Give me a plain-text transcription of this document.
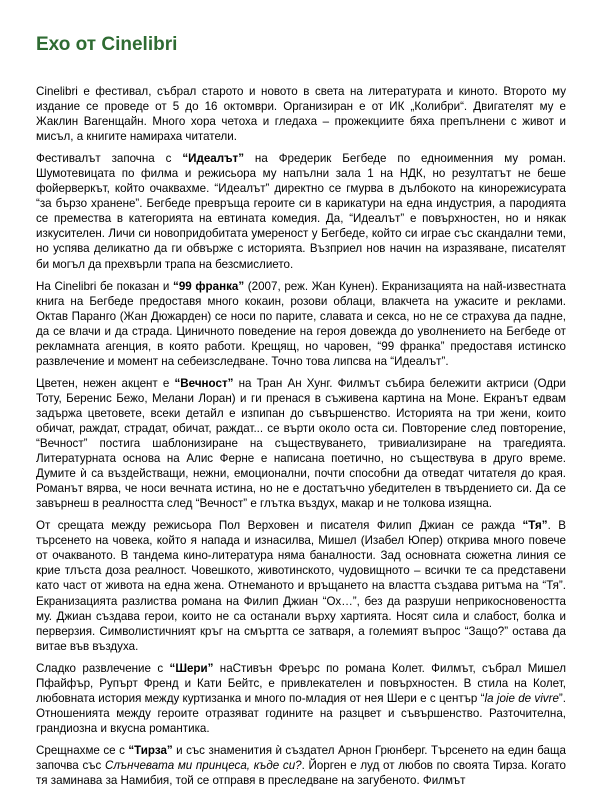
Ехо от Cinelibri

Cinelibri е фестивал, събрал старото и новото в света на литературата и киното. Второто му издание се проведе от 5 до 16 октомври. Организиран е от ИК „Колибри“. Двигателят му е Жаклин Вагенщайн. Много хора четоха и гледаха – прожекциите бяха препълнени с живот и мисъл, а книгите намираха читатели.

Фестивалът започна с “Идеалът” на Фредерик Бегбеде по едноименния му роман. Шумотевицата по филма и режисьора му напълни зала 1 на НДК, но резултатът не беше фойерверкът, който очаквахме. “Идеалът” директно се гмурва в дълбокото на кинорежисурата “за бързо хранене”. Бегбеде превръща героите си в карикатури на една индустрия, а пародията се премества в категорията на евтината комедия. Да, “Идеалът” е повърхностен, но и някак изкусителен. Личи си новопридобитата умереност у Бегбеде, който си играе със скандални теми, но успява деликатно да ги обвърже с историята. Възприел нов начин на изразяване, писателят би могъл да прехвърли трапа на безсмислието.

На Cinelibri бе показан и “99 франка” (2007, реж. Жан Кунен). Екранизацията на най-известната книга на Бегбеде предоставя много кокаин, розови облаци, влакчета на ужасите и реклами. Октав Паранго (Жан Дюжарден) се носи по парите, славата и секса, но не се страхува да падне, да се влачи и да страда. Циничното поведение на героя довежда до уволнението на Бегбеде от рекламната агенция, в която работи. Крещящ, но чаровен, “99 франка” предоставя истинско развлечение и момент на себеизследване. Точно това липсва на “Идеалът”.

Цветен, нежен акцент е “Вечност” на Тран Ан Хунг. Филмът събира бележити актриси (Одри Тоту, Беренис Бежо, Мелани Лоран) и ги пренася в съживена картина на Моне. Екранът едвам задържа цветовете, всеки детайл е изпипан до съвършенство. Историята на три жени, които обичат, раждат, страдат, обичат, раждат... се върти около оста си. Повторение след повторение, “Вечност” постига шаблонизиране на съществуването, тривиализиране на трагедията. Литературната основа на Алис Ферне е написана поетично, но съществува в друго време. Думите ѝ са въздействащи, нежни, емоционални, почти способни да отведат читателя до края. Романът вярва, че носи вечната истина, но не е достатъчно убедителен в твърдението си. Да се завърнеш в реалността след “Вечност” е глътка въздух, макар и не толкова изящна.

От срещата между режисьора Пол Верховен и писателя Филип Джиан се ражда “Тя”. В търсенето на човека, който я напада и изнасилва, Мишел (Изабел Юпер) открива много повече от очакваното. В тандема кино-литература няма баналности. Зад основната сюжетна линия се крие тлъста доза реалност. Човешкото, животинското, чудовищното – всички те са представени като част от живота на една жена. Отнеманото и връщането на властта създава ритъма на “Тя”. Екранизацията разлиства романа на Филип Джиан “Ох…”, без да разруши неприкосновеността му. Джиан създава герои, които не са останали върху хартията. Носят сила и слабост, болка и перверзия. Символистичният кръг на смъртта се затваря, а големият въпрос “Защо?” остава да витае във въздуха.

Сладко развлечение с “Шери” наСтивън Фреърс по романа Колет. Филмът, събрал Мишел Пфайфър, Рупърт Френд и Кати Бейтс, е привлекателен и повърхностен. В стила на Колет, любовната история между куртизанка и много по-младия от нея Шери е с център “la joie de vivre”. Отношенията между героите отразяват годините на разцвет и съвършенство. Разточителна, грандиозна и вкусна романтика.

Срещнахме се с “Тирза” и със знаменития ѝ създател Арнон Грюнберг. Търсенето на един баща започва със Слънчевата ми принцеса, къде си?. Йорген е луд от любов по своята Тирза. Когато тя заминава за Намибия, той се отправя в преследване на загубеното. Филмът
